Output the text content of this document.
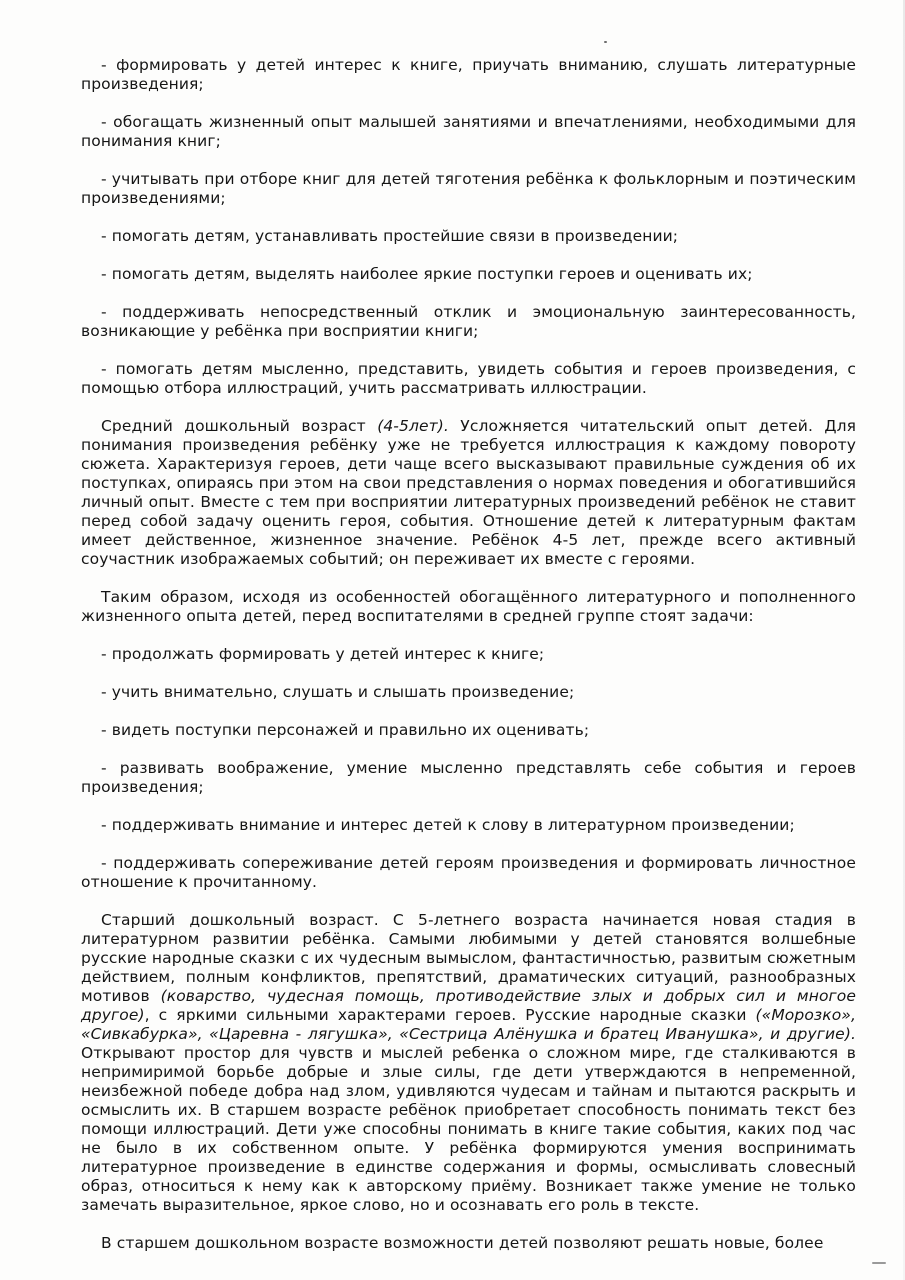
- формировать у детей интерес к книге, приучать вниманию, слушать литературные произведения;

- обогащать жизненный опыт малышей занятиями и впечатлениями, необходимыми для понимания книг;

- учитывать при отборе книг для детей тяготения ребёнка к фольклорным и поэтическим произведениями;

- помогать детям, устанавливать простейшие связи в произведении;

- помогать детям, выделять наиболее яркие поступки героев и оценивать их;

- поддерживать непосредственный отклик и эмоциональную заинтересованность, возникающие у ребёнка при восприятии книги;

- помогать детям мысленно, представить, увидеть события и героев произведения, с помощью отбора иллюстраций, учить рассматривать иллюстрации.

Средний дошкольный возраст (4-5лет). Усложняется читательский опыт детей. Для понимания произведения ребёнку уже не требуется иллюстрация к каждому повороту сюжета. Характеризуя героев, дети чаще всего высказывают правильные суждения об их поступках, опираясь при этом на свои представления о нормах поведения и обогатившийся личный опыт. Вместе с тем при восприятии литературных произведений ребёнок не ставит перед собой задачу оценить героя, события. Отношение детей к литературным фактам имеет действенное, жизненное значение. Ребёнок 4-5 лет, прежде всего активный соучастник изображаемых событий; он переживает их вместе с героями.

Таким образом, исходя из особенностей обогащённого литературного и пополненного жизненного опыта детей, перед воспитателями в средней группе стоят задачи:

- продолжать формировать у детей интерес к книге;

- учить внимательно, слушать и слышать произведение;

- видеть поступки персонажей и правильно их оценивать;

- развивать воображение, умение мысленно представлять себе события и героев произведения;

- поддерживать внимание и интерес детей к слову в литературном произведении;

- поддерживать сопереживание детей героям произведения и формировать личностное отношение к прочитанному.

Старший дошкольный возраст. С 5-летнего возраста начинается новая стадия в литературном развитии ребёнка. Самыми любимыми у детей становятся волшебные русские народные сказки с их чудесным вымыслом, фантастичностью, развитым сюжетным действием, полным конфликтов, препятствий, драматических ситуаций, разнообразных мотивов (коварство, чудесная помощь, противодействие злых и добрых сил и многое другое), с яркими сильными характерами героев. Русские народные сказки («Морозко», «Сивкабурка», «Царевна - лягушка», «Сестрица Алёнушка и братец Иванушка», и другие). Открывают простор для чувств и мыслей ребенка о сложном мире, где сталкиваются в непримиримой борьбе добрые и злые силы, где дети утверждаются в непременной, неизбежной победе добра над злом, удивляются чудесам и тайнам и пытаются раскрыть и осмыслить их. В старшем возрасте ребёнок приобретает способность понимать текст без помощи иллюстраций. Дети уже способны понимать в книге такие события, каких под час не было в их собственном опыте. У ребёнка формируются умения воспринимать литературное произведение в единстве содержания и формы, осмысливать словесный образ, относиться к нему как к авторскому приёму. Возникает также умение не только замечать выразительное, яркое слово, но и осознавать его роль в тексте.

В старшем дошкольном возрасте возможности детей позволяют решать новые, более
